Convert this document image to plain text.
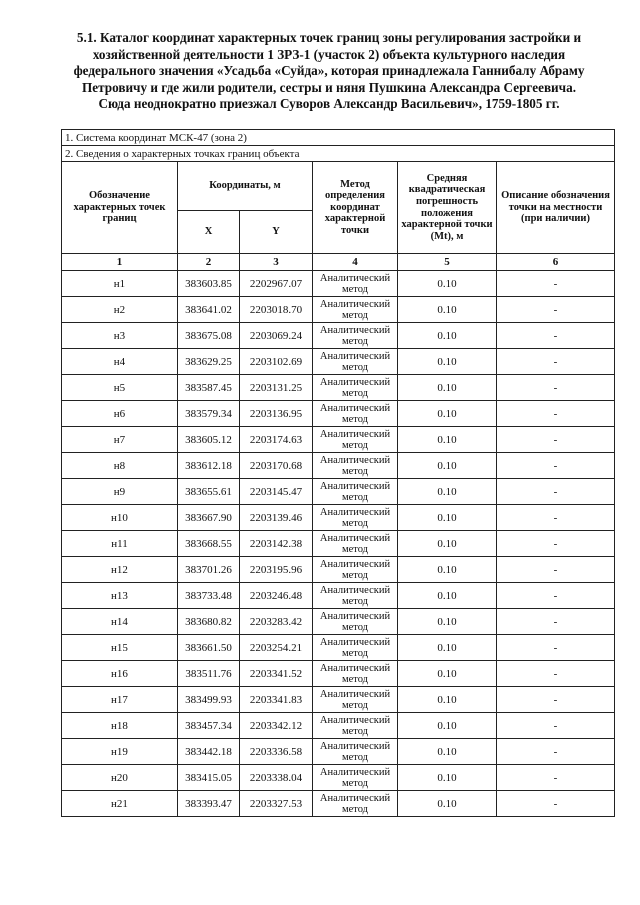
5.1. Каталог координат характерных точек границ зоны регулирования застройки и
хозяйственной деятельности 1 ЗРЗ-1 (участок 2) объекта культурного наследия
федерального значения «Усадьба «Суйда», которая принадлежала Ганнибалу Абраму
Петровичу и где жили родители, сестры и няня Пушкина Александра Сергеевича.
Сюда неоднократно приезжал Суворов Александр Васильевич», 1759-1805 гг.
1. Система координат МСК-47 (зона 2)					
2. Сведения о характерных точках границ объекта					
Обозначение характерных точек границ	Координаты, м		Метод определения координат характерной точки	Средняя квадратическая погрешность положения характерной точки (Mt), м	Описание обозначения точки на местности (при наличии)
	X	Y			
1	2	3	4	5	6
н1	383603.85	2202967.07	Аналитический метод	0.10	-
н2	383641.02	2203018.70	Аналитический метод	0.10	-
н3	383675.08	2203069.24	Аналитический метод	0.10	-
н4	383629.25	2203102.69	Аналитический метод	0.10	-
н5	383587.45	2203131.25	Аналитический метод	0.10	-
н6	383579.34	2203136.95	Аналитический метод	0.10	-
н7	383605.12	2203174.63	Аналитический метод	0.10	-
н8	383612.18	2203170.68	Аналитический метод	0.10	-
н9	383655.61	2203145.47	Аналитический метод	0.10	-
н10	383667.90	2203139.46	Аналитический метод	0.10	-
н11	383668.55	2203142.38	Аналитический метод	0.10	-
н12	383701.26	2203195.96	Аналитический метод	0.10	-
н13	383733.48	2203246.48	Аналитический метод	0.10	-
н14	383680.82	2203283.42	Аналитический метод	0.10	-
н15	383661.50	2203254.21	Аналитический метод	0.10	-
н16	383511.76	2203341.52	Аналитический метод	0.10	-
н17	383499.93	2203341.83	Аналитический метод	0.10	-
н18	383457.34	2203342.12	Аналитический метод	0.10	-
н19	383442.18	2203336.58	Аналитический метод	0.10	-
н20	383415.05	2203338.04	Аналитический метод	0.10	-
н21	383393.47	2203327.53	Аналитический метод	0.10	-
